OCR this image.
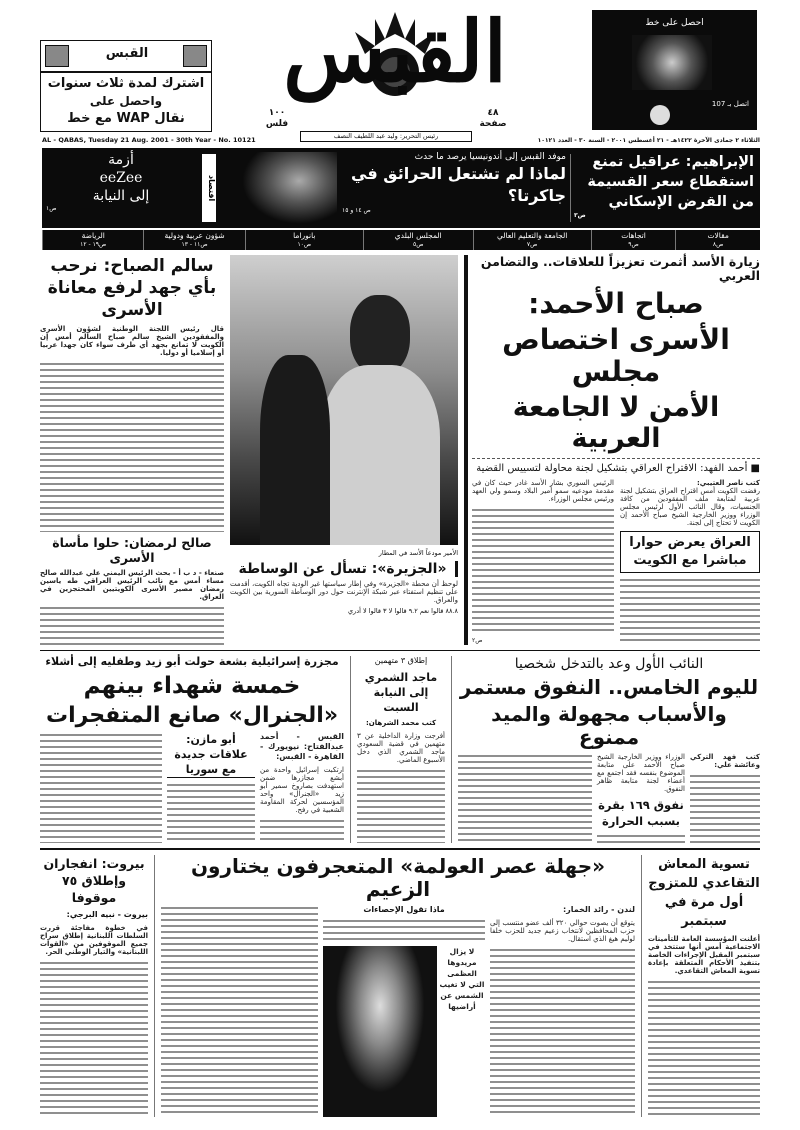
القبس
اشترك لمدة ثلاث سنوات
واحصل على
نقال WAP مع خط
القبس
١٠٠
فلس
٤٨
صفحة
رئيس التحرير: وليد عبد اللطيف النصف
احصل على خط
اتصل بـ 107
AL - QABAS, Tuesday 21 Aug. 2001 - 30th Year - No. 10121	الثلاثاء ٢ جمادى الآخرة ١٤٢٢هـ - ٢١ أغسطس ٢٠٠١ - السنة ٣٠ - العدد ١٠١٢١
الإبراهيم: عراقيل تمنع استقطاع سعر القسيمة من القرض الإسكاني
ص٣
موفد القبس إلى أندونيسيا يرصد ما حدث
لماذا لم تشتعل الحرائق في جاكرتا؟
ص ١٤ و ١٥
اقتصاد
أزمة
eeZee
إلى النيابة
ص١
مقالات
ص٨
اتجاهات
ص٩
الجامعة والتعليم العالي
ص٧
المجلس البلدي
ص٥
بانوراما
ص١٠
شؤون عربية ودولية
ص١١ - ١٣
الرياضة
ص١٩ - ١٢
زيارة الأسد أثمرت تعزيزاً للعلاقات.. والتضامن العربي
صباح الأحمد:
الأسرى اختصاص مجلس
الأمن لا الجامعة العربية
■ أحمد الفهد: الاقتراح العراقي بتشكيل لجنة محاولة لتسييس القضية
كتب ناصر العتيبي:
رفضت الكويت أمس اقتراح العراق بتشكيل لجنة عربية لمتابعة ملف المفقودين من كافة الجنسيات، وقال النائب الأول لرئيس مجلس الوزراء ووزير الخارجية الشيخ صباح الأحمد إن الكويت لا تحتاج إلى لجنة.
العراق يعرض حوارا مباشرا مع الكويت
الرئيس السوري بشار الأسد غادر حيث كان في مقدمة مودعيه سمو أمير البلاد وسمو ولي العهد ورئيس مجلس الوزراء.
ص٢
الأمير مودعاً الأسد في المطار
«الجزيرة»: تسأل عن الوساطة
لوحظ أن محطة «الجزيرة» وفي إطار سياستها غير الودية تجاه الكويت، أقدمت على تنظيم استفتاء عبر شبكة الإنترنت حول دور الوساطة السورية بين الكويت والعراق.
٨٨.٨ قالوا نعم ٩.٢ قالوا لا ٣ قالوا لا أدري
سالم الصباح: نرحب بأي جهد لرفع معاناة الأسرى
قال رئيس اللجنة الوطنية لشؤون الأسرى والمفقودين الشيخ سالم صباح السالم أمس إن الكويت لا تمانع بجهد أي طرف سواء كان جهدا عربيا أو إسلاميا أو دوليا.
صالح لرمضان: حلوا مأساة الأسرى
صنعاء - د ب أ - بحث الرئيس اليمني علي عبدالله صالح مساء أمس مع نائب الرئيس العراقي طه ياسين رمضان مصير الأسرى الكويتيين المحتجزين في العراق.
النائب الأول وعد بالتدخل شخصيا
لليوم الخامس.. النفوق مستمر
والأسباب مجهولة والميد ممنوع
كتب فهد التركي وعائشة علي:
الوزراء ووزير الخارجية الشيخ صباح الأحمد على متابعة الموضوع بنفسه فقد اجتمع مع أعضاء لجنة متابعة ظاهر النفوق.
نفوق ١٦٩ بقرة بسبب الحرارة
إطلاق ٣ متهمين
ماجد الشمري إلى النيابة السبت
كتب محمد الشرهان:
أفرجت وزارة الداخلية عن ٣ متهمين في قضية السعودي ماجد الشمري الذي دخل الأسبوع الماضي.
مجزرة إسرائيلية بشعة حولت أبو زيد وطفليه إلى أشلاء
خمسة شهداء بينهم
«الجنرال» صانع المتفجرات
القبس - أحمد عبدالفتاح: نيويورك - القاهرة - القبس:
ارتكبت إسرائيل واحدة من أبشع مجازرها ضمن استهدفت بصاروخ سمير أبو زيد «الجنرال» واحد المؤسسين لحركة المقاومة الشعبية في رفح.
أبو مازن: علاقات جديدة مع سوريا
تسوية المعاش التقاعدي للمتزوج أول مرة في سبتمبر
أعلنت المؤسسة العامة للتأمينات الاجتماعية أمس أنها ستتخذ في سبتمبر المقبل الإجراءات الخاصة بتنفيذ الأحكام المتعلقة بإعادة تسوية المعاش التقاعدي.
«جهلة عصر العولمة» المتعجرفون يختارون الزعيم
لندن - رائد الخمار:
يتوقع أن يصوت حوالي ٣٢٠ ألف عضو منتسب إلى حزب المحافظين لانتخاب زعيم جديد للحزب خلفا لوليم هيغ الذي استقال.
ماذا تقول الإحصاءات
لا يزال مريدوها العظمى التي لا تغيب الشمس عن أراضيها
بيروت: انفجاران وإطلاق ٧٥ موقوفا
بيروت - نبيه البرجي:
في خطوة مفاجئة قررت السلطات اللبنانية إطلاق سراح جميع الموقوفين من «القوات اللبنانية» والتيار الوطني الحر.
